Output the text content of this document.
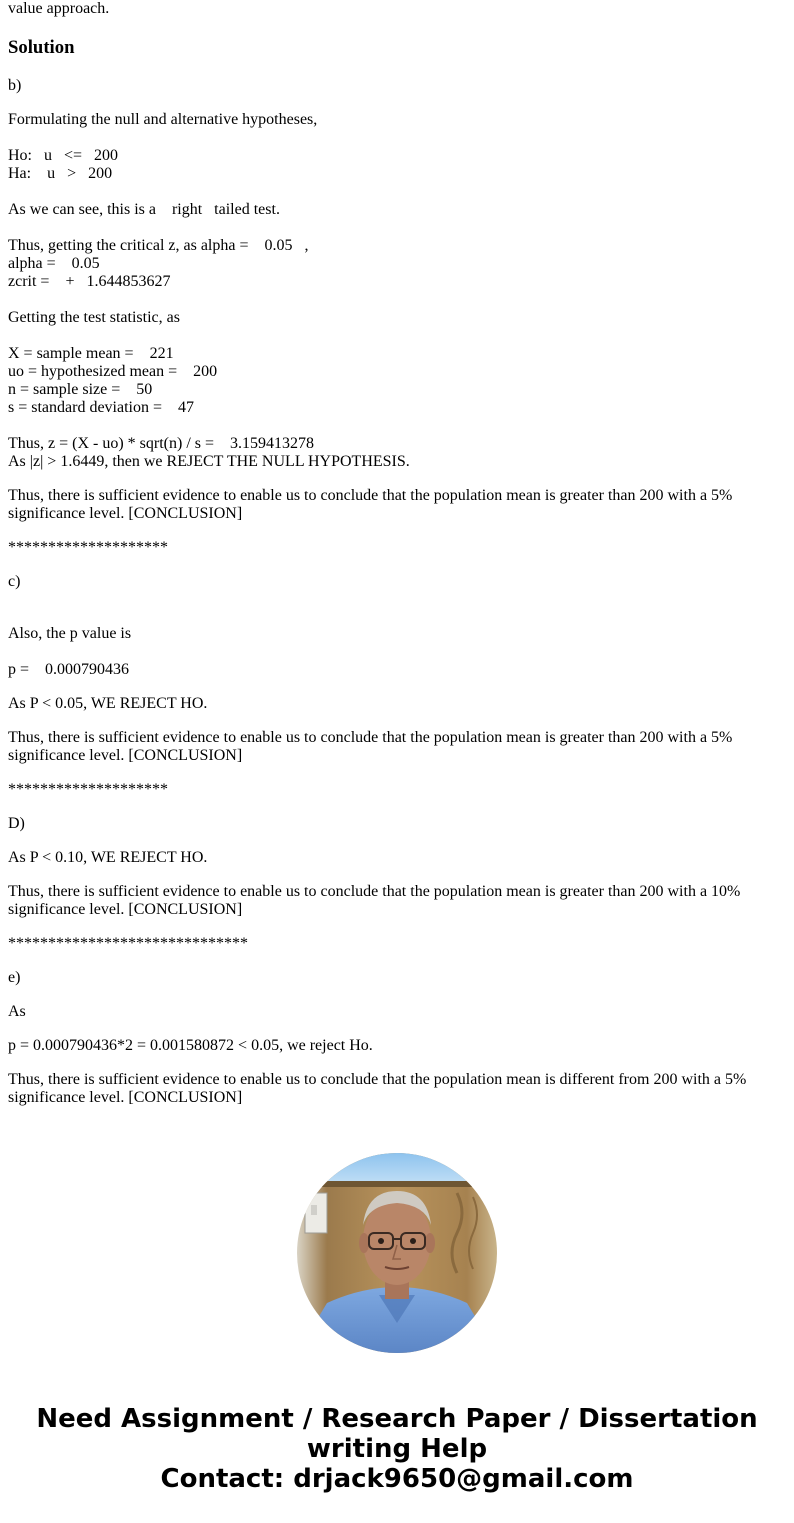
value approach.
Solution
b)
Formulating the null and alternative hypotheses,
Ho:   u   <=   200
Ha:    u   >   200
As we can see, this is a    right   tailed test.
Thus, getting the critical z, as alpha =    0.05   ,
alpha =    0.05
zcrit =    +   1.644853627
Getting the test statistic, as
X = sample mean =    221
uo = hypothesized mean =    200
n = sample size =    50
s = standard deviation =    47
Thus, z = (X - uo) * sqrt(n) / s =    3.159413278
As |z| > 1.6449, then we REJECT THE NULL HYPOTHESIS.
Thus, there is sufficient evidence to enable us to conclude that the population mean is greater than 200 with a 5% significance level. [CONCLUSION]
********************
c)
Also, the p value is
p =    0.000790436
As P < 0.05, WE REJECT HO.
Thus, there is sufficient evidence to enable us to conclude that the population mean is greater than 200 with a 5% significance level. [CONCLUSION]
********************
D)
As P < 0.10, WE REJECT HO.
Thus, there is sufficient evidence to enable us to conclude that the population mean is greater than 200 with a 10% significance level. [CONCLUSION]
******************************
e)
As
p = 0.000790436*2 = 0.001580872 < 0.05, we reject Ho.
Thus, there is sufficient evidence to enable us to conclude that the population mean is different from 200 with a 5% significance level. [CONCLUSION]
Need Assignment / Research Paper / Dissertation
writing Help
Contact: drjack9650@gmail.com
